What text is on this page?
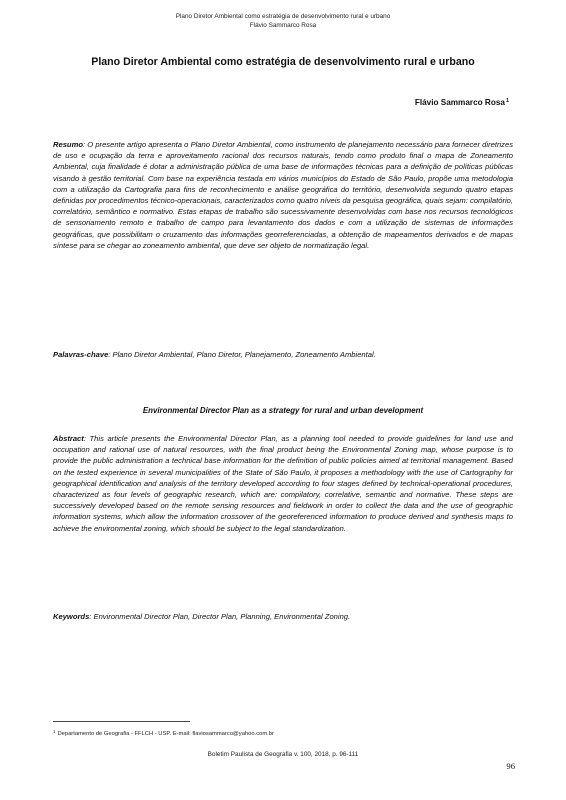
Plano Diretor Ambiental como estratégia de desenvolvimento rural e urbano
Flávio Sammarco Rosa
Plano Diretor Ambiental como estratégia de desenvolvimento rural e urbano
Flávio Sammarco Rosa$^1$

Resumo: O presente artigo apresenta o Plano Diretor Ambiental, como instrumento de planejamento necessário para fornecer diretrizes de uso e ocupação da terra e aproveitamento racional dos recursos naturais, tendo como produto final o mapa de Zoneamento Ambiental, cuja finalidade é dotar a administração pública de uma base de informações técnicas para a definição de políticas públicas visando à gestão territorial. Com base na experiência testada em vários municípios do Estado de São Paulo, propõe uma metodologia com a utilização da Cartografia para fins de reconhecimento e análise geográfica do território, desenvolvida segundo quatro etapas definidas por procedimentos técnico-operacionais, caracterizados como quatro níveis da pesquisa geográfica, quais sejam: compilatório, correlatório, semântico e normativo. Estas etapas de trabalho são sucessivamente desenvolvidas com base nos recursos tecnológicos de sensoriamento remoto e trabalho de campo para levantamento dos dados e com a utilização de sistemas de informações geográficas, que possibilitam o cruzamento das informações georreferenciadas, a obtenção de mapeamentos derivados e de mapas síntese para se chegar ao zoneamento ambiental, que deve ser objeto de normatização legal.

Palavras-chave: Plano Diretor Ambiental, Plano Diretor, Planejamento, Zoneamento Ambiental.

Environmental Director Plan as a strategy for rural and urban development

Abstract: This article presents the Environmental Director Plan, as a planning tool needed to provide guidelines for land use and occupation and rational use of natural resources, with the final product being the Environmental Zoning map, whose purpose is to provide the public administration a technical base information for the definition of public policies aimed at territorial management. Based on the tested experience in several municipalities of the State of São Paulo, it proposes a methodology with the use of Cartography for geographical identification and analysis of the territory developed according to four stages defined by technical-operational procedures, characterized as four levels of geographic research, which are: compilatory, correlative, semantic and normative. These steps are successively developed based on the remote sensing resources and fieldwork in order to collect the data and the use of geographic information systems, which allow the information crossover of the georeferenced information to produce derived and synthesis maps to achieve the environmental zoning, which should be subject to the legal standardization.

Keywords: Environmental Director Plan, Director Plan, Planning, Environmental Zoning.

$^1$ Departamento de Geografia - FFLCH - USP. E-mail: flaviosammarco@yahoo.com.br
Boletim Paulista de Geografia v. 100, 2018, p. 96-111
96
